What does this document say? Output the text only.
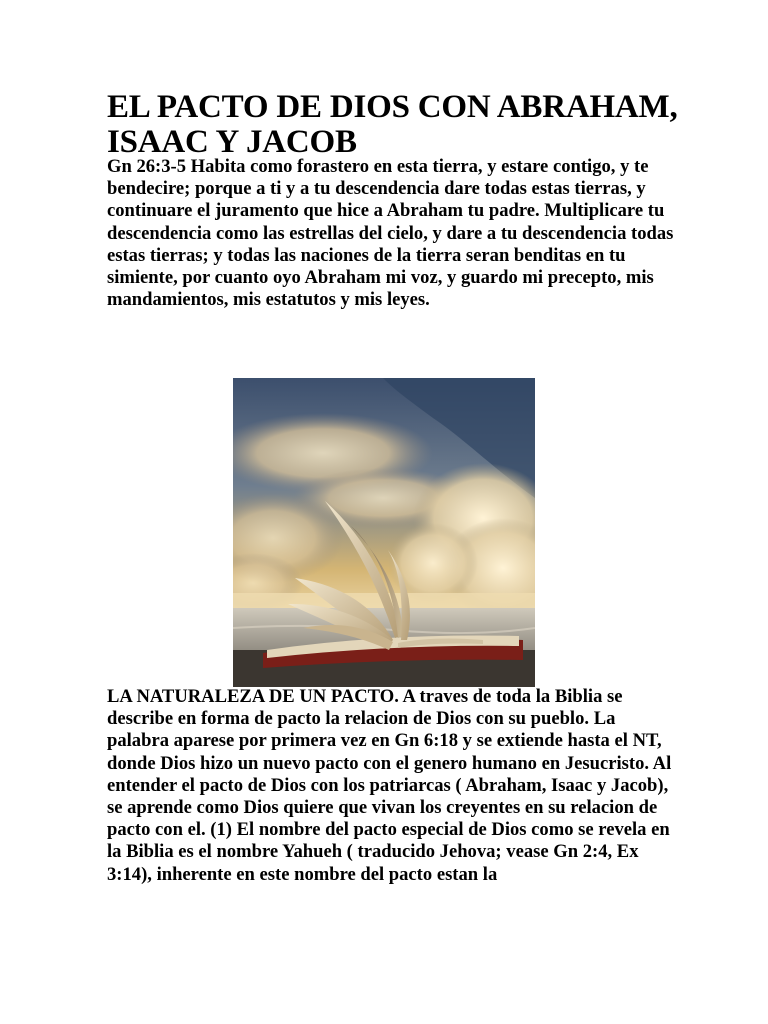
EL PACTO DE DIOS CON ABRAHAM, ISAAC Y JACOB

Gn 26:3-5 Habita como forastero en esta tierra, y estare contigo, y te bendecire; porque a ti y a tu descendencia dare todas estas tierras, y continuare el juramento que hice a Abraham tu padre. Multiplicare tu descendencia como las estrellas del cielo, y dare a tu descendencia todas estas tierras; y todas las naciones de la tierra seran benditas en tu simiente, por cuanto oyo Abraham mi voz, y guardo mi precepto, mis mandamientos, mis estatutos y mis leyes.

LA NATURALEZA DE UN PACTO. A traves de toda la Biblia se describe en forma de pacto la relacion de Dios con su pueblo. La palabra aparese por primera vez en Gn 6:18 y se extiende hasta el NT, donde Dios hizo un nuevo pacto con el genero humano en Jesucristo. Al entender el pacto de Dios con los patriarcas ( Abraham, Isaac y Jacob), se aprende como Dios quiere que vivan los creyentes en su relacion de pacto con el. (1) El nombre del pacto especial de Dios como se revela en la Biblia es el nombre Yahueh ( traducido Jehova; vease Gn 2:4, Ex 3:14), inherente en este nombre del pacto estan la
